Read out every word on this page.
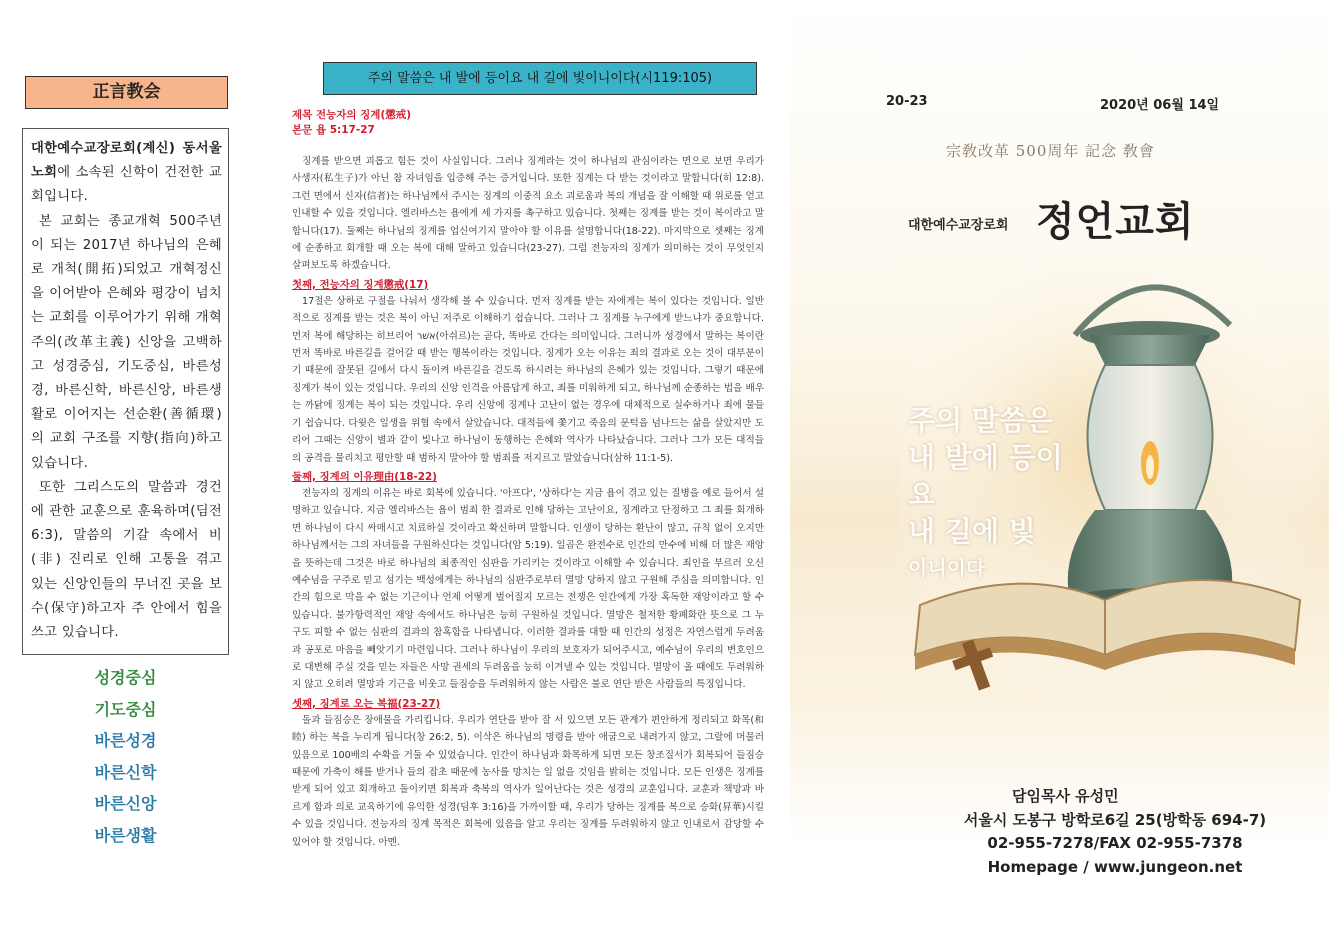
正言教会

대한예수교장로회(계신) 동서울 노회에 소속된 신학이 건전한 교회입니다.

본 교회는 종교개혁 500주년이 되는 2017년 하나님의 은혜로 개척(開拓)되었고 개혁정신을 이어받아 은혜와 평강이 넘치는 교회를 이루어가기 위해 개혁주의(改革主義) 신앙을 고백하고 성경중심, 기도중심, 바른성경, 바른신학, 바른신앙, 바른생활로 이어지는 선순환(善循環)의 교회 구조를 지향(指向)하고 있습니다.

또한 그리스도의 말씀과 경건에 관한 교훈으로 훈육하며(딤전 6:3), 말씀의 기갈 속에서 비(非) 진리로 인해 고통을 겪고 있는 신앙인들의 무너진 곳을 보수(保守)하고자 주 안에서 힘을 쓰고 있습니다.

성경중심
기도중심
바른성경
바른신학
바른신앙
바른생활
주의 말씀은 내 발에 등이요 내 길에 빛이니이다(시119:105)
제목 전능자의 징계(懲戒)
본문 욥 5:17-27

징계를 받으면 괴롭고 힘든 것이 사실입니다. 그러나 징계라는 것이 하나님의 관심이라는 면으로 보면 우리가 사생자(私生子)가 아닌 참 자녀임을 입증해 주는 증거입니다. 또한 징계는 다 받는 것이라고 말합니다(히 12:8). 그런 면에서 신자(信者)는 하나님께서 주시는 징계의 이중적 요소 괴로움과 복의 개념을 잘 이해할 때 위로를 얻고 인내할 수 있을 것입니다. 엘리바스는 욥에게 세 가지를 촉구하고 있습니다. 첫째는 징계를 받는 것이 복이라고 말합니다(17). 둘째는 하나님의 징계를 업신여기지 말아야 할 이유를 설명합니다(18-22). 마지막으로 셋째는 징계에 순종하고 회개할 때 오는 복에 대해 말하고 있습니다(23-27). 그럼 전능자의 징계가 의미하는 것이 무엇인지 살펴보도록 하겠습니다.

첫째, 전능자의 징계懲戒(17)

17절은 상하로 구절을 나눠서 생각해 볼 수 있습니다. 먼저 징계를 받는 자에게는 복이 있다는 것입니다. 일반적으로 징계를 받는 것은 복이 아닌 저주로 이해하기 쉽습니다. 그러나 그 징계를 누구에게 받느냐가 중요합니다. 먼저 복에 해당하는 히브리어 אשׁר(아쉬르)는 곧다, 똑바로 간다는 의미입니다. 그러니까 성경에서 말하는 복이란 먼저 똑바로 바른길을 걸어갈 때 받는 행복이라는 것입니다. 징계가 오는 이유는 죄의 결과로 오는 것이 대부분이기 때문에 잘못된 길에서 다시 돌이켜 바른길을 걷도록 하시려는 하나님의 은혜가 있는 것입니다. 그렇기 때문에 징계가 복이 있는 것입니다. 우리의 신앙 인격을 아름답게 하고, 죄를 미워하게 되고, 하나님께 순종하는 법을 배우는 까닭에 징계는 복이 되는 것입니다. 우리 신앙에 징계나 고난이 없는 경우에 대체적으로 실수하거나 죄에 물들기 쉽습니다. 다윗은 일생을 위협 속에서 살았습니다. 대적들에 쫓기고 죽음의 문턱을 넘나드는 삶을 살았지만 도리어 그때는 신앙이 별과 같이 빛나고 하나님이 동행하는 은혜와 역사가 나타났습니다. 그러나 그가 모든 대적들의 공격을 물리치고 평안할 때 범하지 말아야 할 범죄를 저지르고 말았습니다(삼하 11:1-5).

둘째, 징계의 이유理由(18-22)

전능자의 징계의 이유는 바로 회복에 있습니다. '아프다', '상하다'는 지금 욥이 겪고 있는 질병을 예로 들어서 설명하고 있습니다. 지금 엘리바스는 욥이 범죄 한 결과로 인해 당하는 고난이요, 징계라고 단정하고 그 죄를 회개하면 하나님이 다시 싸매시고 치료하실 것이라고 확신하며 말합니다. 인생이 당하는 환난이 많고, 규칙 없이 오지만 하나님께서는 그의 자녀들을 구원하신다는 것입니다(암 5:19). 일곱은 완전수로 인간의 만수에 비해 더 많은 재앙을 뜻하는데 그것은 바로 하나님의 최종적인 심판을 가리키는 것이라고 이해할 수 있습니다. 죄인을 부르러 오신 예수님을 구주로 믿고 섬기는 백성에게는 하나님의 심판주로부터 멸망 당하지 않고 구원해 주심을 의미합니다. 인간의 힘으로 막을 수 없는 기근이나 언제 어떻게 벌어질지 모르는 전쟁은 인간에게 가장 혹독한 재앙이라고 할 수 있습니다. 불가항력적인 재앙 속에서도 하나님은 능히 구원하실 것입니다. 멸망은 철저한 황폐화란 뜻으로 그 누구도 피할 수 없는 심판의 결과의 참혹함을 나타냅니다. 이러한 결과를 대할 때 인간의 성정은 자연스럽게 두려움과 공포로 마음을 빼앗기기 마련입니다. 그러나 하나님이 우리의 보호자가 되어주시고, 예수님이 우리의 변호인으로 대변해 주실 것을 믿는 자들은 사망 권세의 두려움을 능히 이겨낼 수 있는 것입니다. 멸망이 올 때에도 두려워하지 않고 오히려 멸망과 기근을 비웃고 들짐승을 두려워하지 않는 사람은 불로 연단 받은 사람들의 특징입니다.

셋째, 징계로 오는 복福(23-27)

돌과 들짐승은 장애물을 가리킵니다. 우리가 연단을 받아 잘 서 있으면 모든 관계가 편안하게 정리되고 화목(和睦) 하는 복을 누리게 됩니다(창 26:2, 5). 이삭은 하나님의 명령을 받아 애굽으로 내려가지 않고, 그랄에 머물러 있음으로 100배의 수확을 거둘 수 있었습니다. 인간이 하나님과 화목하게 되면 모든 창조질서가 회복되어 들짐승 때문에 가축이 해를 받거나 들의 잡초 때문에 농사를 망치는 일 없을 것임을 밝히는 것입니다. 모든 인생은 징계를 받게 되어 있고 회개하고 돌이키면 회복과 축복의 역사가 일어난다는 것은 성경의 교훈입니다. 교훈과 책망과 바르게 함과 의로 교육하기에 유익한 성경(딤후 3:16)을 가까이할 때, 우리가 당하는 징계를 복으로 승화(昇華)시킬 수 있을 것입니다. 전능자의 징계 목적은 회복에 있음을 알고 우리는 징계를 두려워하지 않고 인내로서 감당할 수 있어야 할 것입니다. 아멘.

20-23	2020년 06월 14일
宗敎改革 500周年 記念 敎會
대한예수교장로회 정언교회
주의 말씀은
내 발에 등이요
내 길에 빛
이니이다
담임목사 유성민
서울시 도봉구 방학로6길 25(방학동 694-7)
02-955-7278/FAX 02-955-7378
Homepage / www.jungeon.net
